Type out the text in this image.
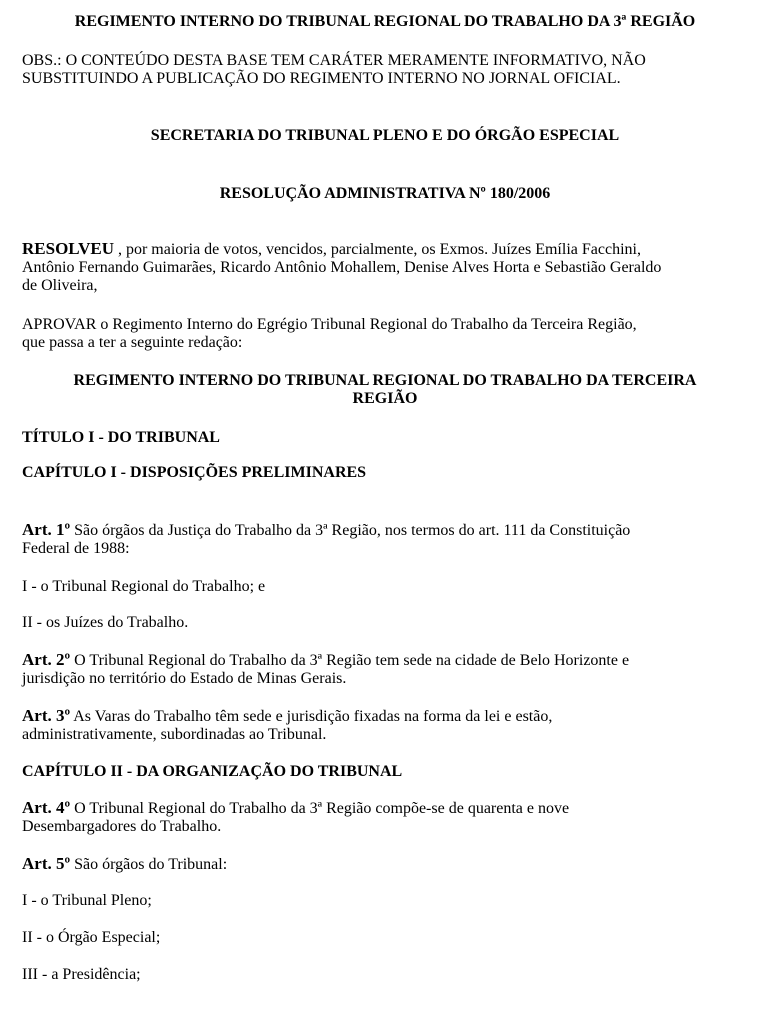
REGIMENTO INTERNO DO TRIBUNAL REGIONAL DO TRABALHO DA 3ª REGIÃO

OBS.: O CONTEÚDO DESTA BASE TEM CARÁTER MERAMENTE INFORMATIVO, NÃO
SUBSTITUINDO A PUBLICAÇÃO DO REGIMENTO INTERNO NO JORNAL OFICIAL.

SECRETARIA DO TRIBUNAL PLENO E DO ÓRGÃO ESPECIAL

RESOLUÇÃO ADMINISTRATIVA Nº 180/2006

RESOLVEU , por maioria de votos, vencidos, parcialmente, os Exmos. Juízes Emília Facchini,
Antônio Fernando Guimarães, Ricardo Antônio Mohallem, Denise Alves Horta e Sebastião Geraldo
de Oliveira,

APROVAR o Regimento Interno do Egrégio Tribunal Regional do Trabalho da Terceira Região,
que passa a ter a seguinte redação:

REGIMENTO INTERNO DO TRIBUNAL REGIONAL DO TRABALHO DA TERCEIRA
REGIÃO

TÍTULO I - DO TRIBUNAL

CAPÍTULO I - DISPOSIÇÕES PRELIMINARES

Art. 1º São órgãos da Justiça do Trabalho da 3ª Região, nos termos do art. 111 da Constituição
Federal de 1988:

I - o Tribunal Regional do Trabalho; e

II - os Juízes do Trabalho.

Art. 2º O Tribunal Regional do Trabalho da 3ª Região tem sede na cidade de Belo Horizonte e
jurisdição no território do Estado de Minas Gerais.

Art. 3º As Varas do Trabalho têm sede e jurisdição fixadas na forma da lei e estão,
administrativamente, subordinadas ao Tribunal.

CAPÍTULO II - DA ORGANIZAÇÃO DO TRIBUNAL

Art. 4º O Tribunal Regional do Trabalho da 3ª Região compõe-se de quarenta e nove
Desembargadores do Trabalho.

Art. 5º São órgãos do Tribunal:

I - o Tribunal Pleno;

II - o Órgão Especial;

III - a Presidência;
